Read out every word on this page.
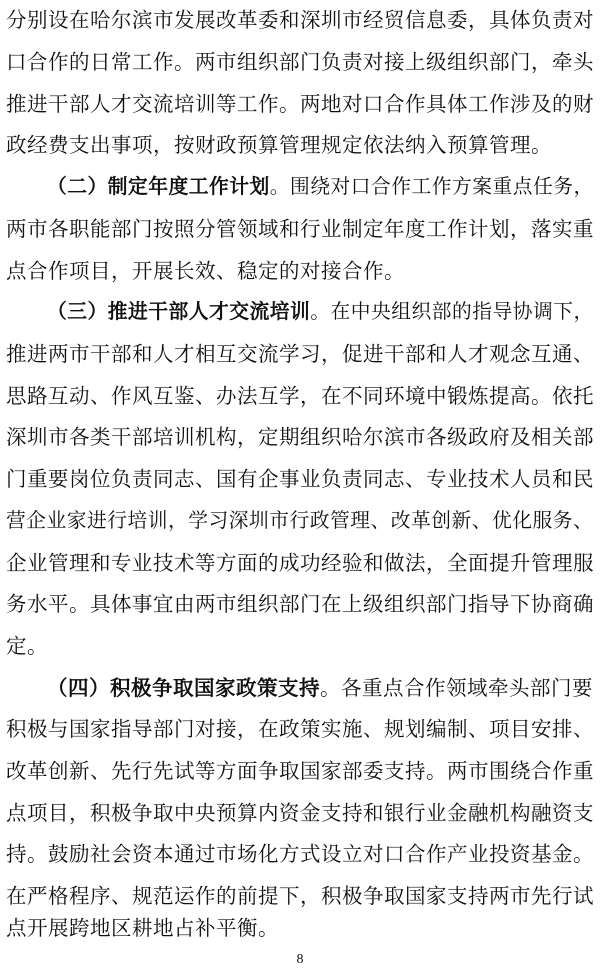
分别设在哈尔滨市发展改革委和深圳市经贸信息委，具体负责对
口合作的日常工作。两市组织部门负责对接上级组织部门，牵头
推进干部人才交流培训等工作。两地对口合作具体工作涉及的财
政经费支出事项，按财政预算管理规定依法纳入预算管理。
（二）制定年度工作计划。围绕对口合作工作方案重点任务，
两市各职能部门按照分管领域和行业制定年度工作计划，落实重
点合作项目，开展长效、稳定的对接合作。
（三）推进干部人才交流培训。在中央组织部的指导协调下，
推进两市干部和人才相互交流学习，促进干部和人才观念互通、
思路互动、作风互鉴、办法互学，在不同环境中锻炼提高。依托
深圳市各类干部培训机构，定期组织哈尔滨市各级政府及相关部
门重要岗位负责同志、国有企事业负责同志、专业技术人员和民
营企业家进行培训，学习深圳市行政管理、改革创新、优化服务、
企业管理和专业技术等方面的成功经验和做法，全面提升管理服
务水平。具体事宜由两市组织部门在上级组织部门指导下协商确
定。
（四）积极争取国家政策支持。各重点合作领域牵头部门要
积极与国家指导部门对接，在政策实施、规划编制、项目安排、
改革创新、先行先试等方面争取国家部委支持。两市围绕合作重
点项目，积极争取中央预算内资金支持和银行业金融机构融资支
持。鼓励社会资本通过市场化方式设立对口合作产业投资基金。
在严格程序、规范运作的前提下，积极争取国家支持两市先行试
点开展跨地区耕地占补平衡。
8
